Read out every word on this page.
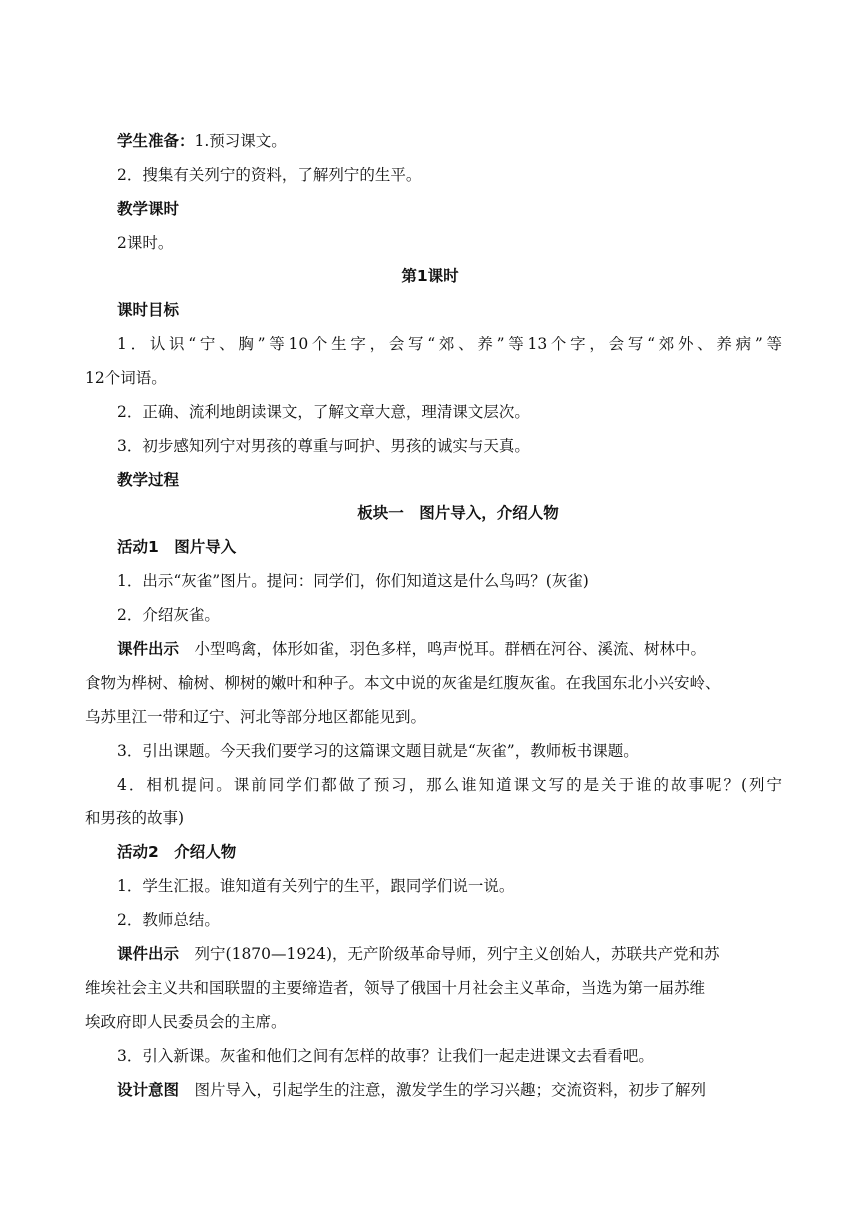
学生准备：1.预习课文。
2．搜集有关列宁的资料，了解列宁的生平。
教学课时
2课时。
第1课时
课时目标
1．认识“宁、胸”等10个生字，会写“郊、养”等13个字，会写“郊外、养病”等
12个词语。
2．正确、流利地朗读课文，了解文章大意，理清课文层次。
3．初步感知列宁对男孩的尊重与呵护、男孩的诚实与天真。
教学过程
板块一　图片导入，介绍人物
活动1　图片导入
1．出示“灰雀”图片。提问：同学们，你们知道这是什么鸟吗？(灰雀)
2．介绍灰雀。
课件出示　 小型鸣禽，体形如雀，羽色多样，鸣声悦耳。群栖在河谷、溪流、树林中。
食物为桦树、榆树、柳树的嫩叶和种子。本文中说的灰雀是红腹灰雀。在我国东北小兴安岭、
乌苏里江一带和辽宁、河北等部分地区都能见到。
3．引出课题。今天我们要学习的这篇课文题目就是“灰雀”，教师板书课题。
4．相机提问。课前同学们都做了预习，那么谁知道课文写的是关于谁的故事呢？(列宁
和男孩的故事)
活动2　介绍人物
1．学生汇报。谁知道有关列宁的生平，跟同学们说一说。
2．教师总结。
课件出示　 列宁(1870—1924)，无产阶级革命导师，列宁主义创始人，苏联共产党和苏
维埃社会主义共和国联盟的主要缔造者，领导了俄国十月社会主义革命，当选为第一届苏维
埃政府即人民委员会的主席。
3．引入新课。灰雀和他们之间有怎样的故事？让我们一起走进课文去看看吧。
设计意图　 图片导入，引起学生的注意，激发学生的学习兴趣；交流资料，初步了解列
